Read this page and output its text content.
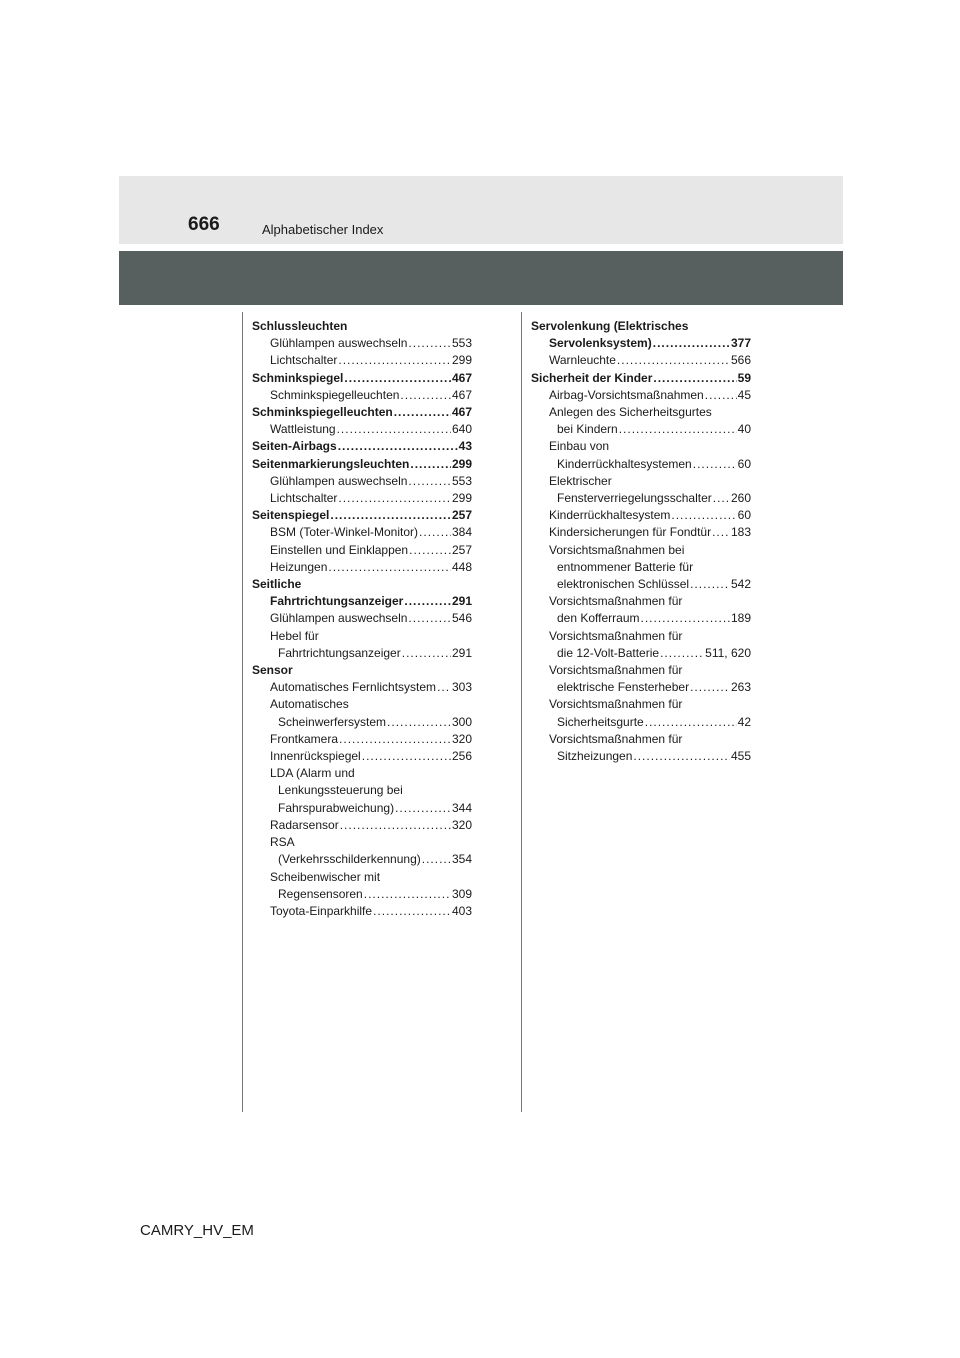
666	Alphabetischer Index
Schlussleuchten
Glühlampen auswechseln .....	553
Lichtschalter .....	299
Schminkspiegel .....	467
Schminkspiegelleuchten .....	467
Schminkspiegelleuchten .....	467
Wattleistung .....	640
Seiten-Airbags .....	43
Seitenmarkierungsleuchten .....	299
Glühlampen auswechseln .....	553
Lichtschalter .....	299
Seitenspiegel .....	257
BSM (Toter-Winkel-Monitor) .....	384
Einstellen und Einklappen .....	257
Heizungen .....	448
Seitliche
Fahrtrichtungsanzeiger .....	291
Glühlampen auswechseln .....	546
Hebel für
Fahrtrichtungsanzeiger .....	291
Sensor
Automatisches Fernlichtsystem ..... 303
Automatisches
Scheinwerfersystem .....	300
Frontkamera .....	320
Innenrückspiegel .....	256
LDA (Alarm und
Lenkungssteuerung bei
Fahrspurabweichung) .....	344
Radarsensor .....	320
RSA
(Verkehrsschilderkennung) .....	354
Scheibenwischer mit
Regensensoren .....	309
Toyota-Einparkhilfe .....	403
Servolenkung (Elektrisches
Servolenksystem) .....	377
Warnleuchte .....	566
Sicherheit der Kinder .....	59
Airbag-Vorsichtsmaßnahmen .....	45
Anlegen des Sicherheitsgurtes
bei Kindern .....	40
Einbau von
Kinderrückhaltesystemen .....	60
Elektrischer
Fensterverriegelungsschalter ..... 260
Kinderrückhaltesystem .....	60
Kindersicherungen für Fondtür ..... 183
Vorsichtsmaßnahmen bei
entnommener Batterie für
elektronischen Schlüssel .....	542
Vorsichtsmaßnahmen für
den Kofferraum .....	189
Vorsichtsmaßnahmen für
die 12-Volt-Batterie .....	511, 620
Vorsichtsmaßnahmen für
elektrische Fensterheber .....	263
Vorsichtsmaßnahmen für
Sicherheitsgurte .....	42
Vorsichtsmaßnahmen für
Sitzheizungen .....	455
CAMRY_HV_EM
